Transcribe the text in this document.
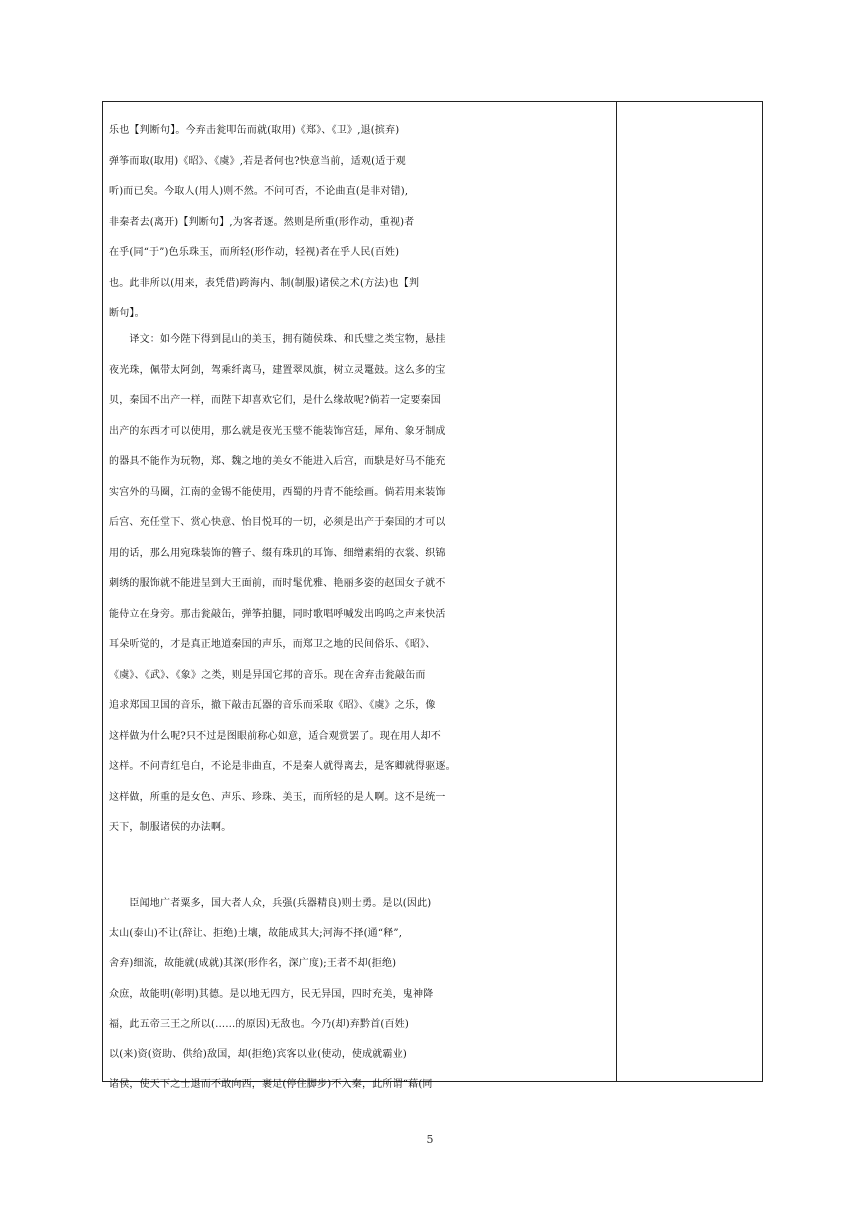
乐也【判断句】。今弃击瓮叩缶而就(取用)《郑》、《卫》,退(摈弃)
弹筝而取(取用)《昭》、《虞》,若是者何也?快意当前，适观(适于观
听)而已矣。今取人(用人)则不然。不问可否，不论曲直(是非对错),
非秦者去(离开)【判断句】,为客者逐。然则是所重(形作动，重视)者
在乎(同“于”)色乐珠玉，而所轻(形作动，轻视)者在乎人民(百姓)
也。此非所以(用来，表凭借)跨海内、制(制服)诸侯之术(方法)也【判
断句】。
　　译文：如今陛下得到昆山的美玉，拥有随侯珠、和氏璧之类宝物，悬挂
夜光珠，佩带太阿剑，驾乘纤离马，建置翠凤旗，树立灵鼍鼓。这么多的宝
贝，秦国不出产一样，而陛下却喜欢它们，是什么缘故呢?倘若一定要秦国
出产的东西才可以使用，那么就是夜光玉璧不能装饰宫廷，犀角、象牙制成
的器具不能作为玩物，郑、魏之地的美女不能进入后宫，而駃是好马不能充
实宫外的马圈，江南的金锡不能使用，西蜀的丹青不能绘画。倘若用来装饰
后宫、充任堂下、赏心快意、怡目悦耳的一切，必须是出产于秦国的才可以
用的话，那么用宛珠装饰的簪子、缀有珠玑的耳饰、细缯素绢的衣裳、织锦
刺绣的服饰就不能进呈到大王面前，而时髦优雅、艳丽多姿的赵国女子就不
能侍立在身旁。那击瓮敲缶，弹筝拍腿，同时歌唱呼喊发出呜呜之声来快活
耳朵听觉的，才是真正地道秦国的声乐，而郑卫之地的民间俗乐、《昭》、
《虞》、《武》、《象》之类，则是异国它邦的音乐。现在舍弃击瓮敲缶而
追求郑国卫国的音乐，撤下敲击瓦器的音乐而采取《昭》、《虞》之乐，像
这样做为什么呢?只不过是图眼前称心如意，适合观赏罢了。现在用人却不
这样。不问青红皂白，不论是非曲直，不是秦人就得离去，是客卿就得驱逐。
这样做，所重的是女色、声乐、珍珠、美玉，而所轻的是人啊。这不是统一
天下，制服诸侯的办法啊。
　　臣闻地广者粟多，国大者人众，兵强(兵器精良)则士勇。是以(因此)
太山(泰山)不让(辞让、拒绝)土壤，故能成其大;河海不择(通“释”,
舍弃)细流，故能就(成就)其深(形作名，深广度);王者不却(拒绝)
众庶，故能明(彰明)其德。是以地无四方，民无异国，四时充美，鬼神降
福，此五帝三王之所以(……的原因)无敌也。今乃(却)弃黔首(百姓)
以(来)资(资助、供给)敌国，却(拒绝)宾客以业(使动，使成就霸业)
诸侯，使天下之士退而不敢向西，裹足(停住脚步)不入秦，此所谓“藉(同
5
